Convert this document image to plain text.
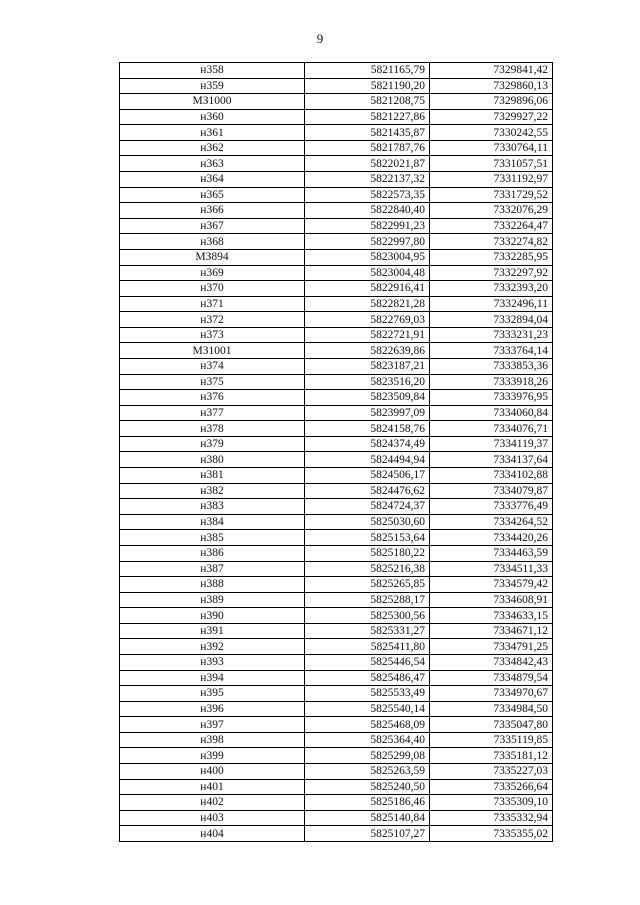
9
н358	5821165,79	7329841,42
н359	5821190,20	7329860,13
МЗ1000	5821208,75	7329896,06
н360	5821227,86	7329927,22
н361	5821435,87	7330242,55
н362	5821787,76	7330764,11
н363	5822021,87	7331057,51
н364	5822137,32	7331192,97
н365	5822573,35	7331729,52
н366	5822840,40	7332076,29
н367	5822991,23	7332264,47
н368	5822997,80	7332274,82
МЗ894	5823004,95	7332285,95
н369	5823004,48	7332297,92
н370	5822916,41	7332393,20
н371	5822821,28	7332496,11
н372	5822769,03	7332894,04
н373	5822721,91	7333231,23
МЗ1001	5822639,86	7333764,14
н374	5823187,21	7333853,36
н375	5823516,20	7333918,26
н376	5823509,84	7333976,95
н377	5823997,09	7334060,84
н378	5824158,76	7334076,71
н379	5824374,49	7334119,37
н380	5824494,94	7334137,64
н381	5824506,17	7334102,88
н382	5824476,62	7334079,87
н383	5824724,37	7333776,49
н384	5825030,60	7334264,52
н385	5825153,64	7334420,26
н386	5825180,22	7334463,59
н387	5825216,38	7334511,33
н388	5825265,85	7334579,42
н389	5825288,17	7334608,91
н390	5825300,56	7334633,15
н391	5825331,27	7334671,12
н392	5825411,80	7334791,25
н393	5825446,54	7334842,43
н394	5825486,47	7334879,54
н395	5825533,49	7334970,67
н396	5825540,14	7334984,50
н397	5825468,09	7335047,80
н398	5825364,40	7335119,85
н399	5825299,08	7335181,12
н400	5825263,59	7335227,03
н401	5825240,50	7335266,64
н402	5825186,46	7335309,10
н403	5825140,84	7335332,94
н404	5825107,27	7335355,02
